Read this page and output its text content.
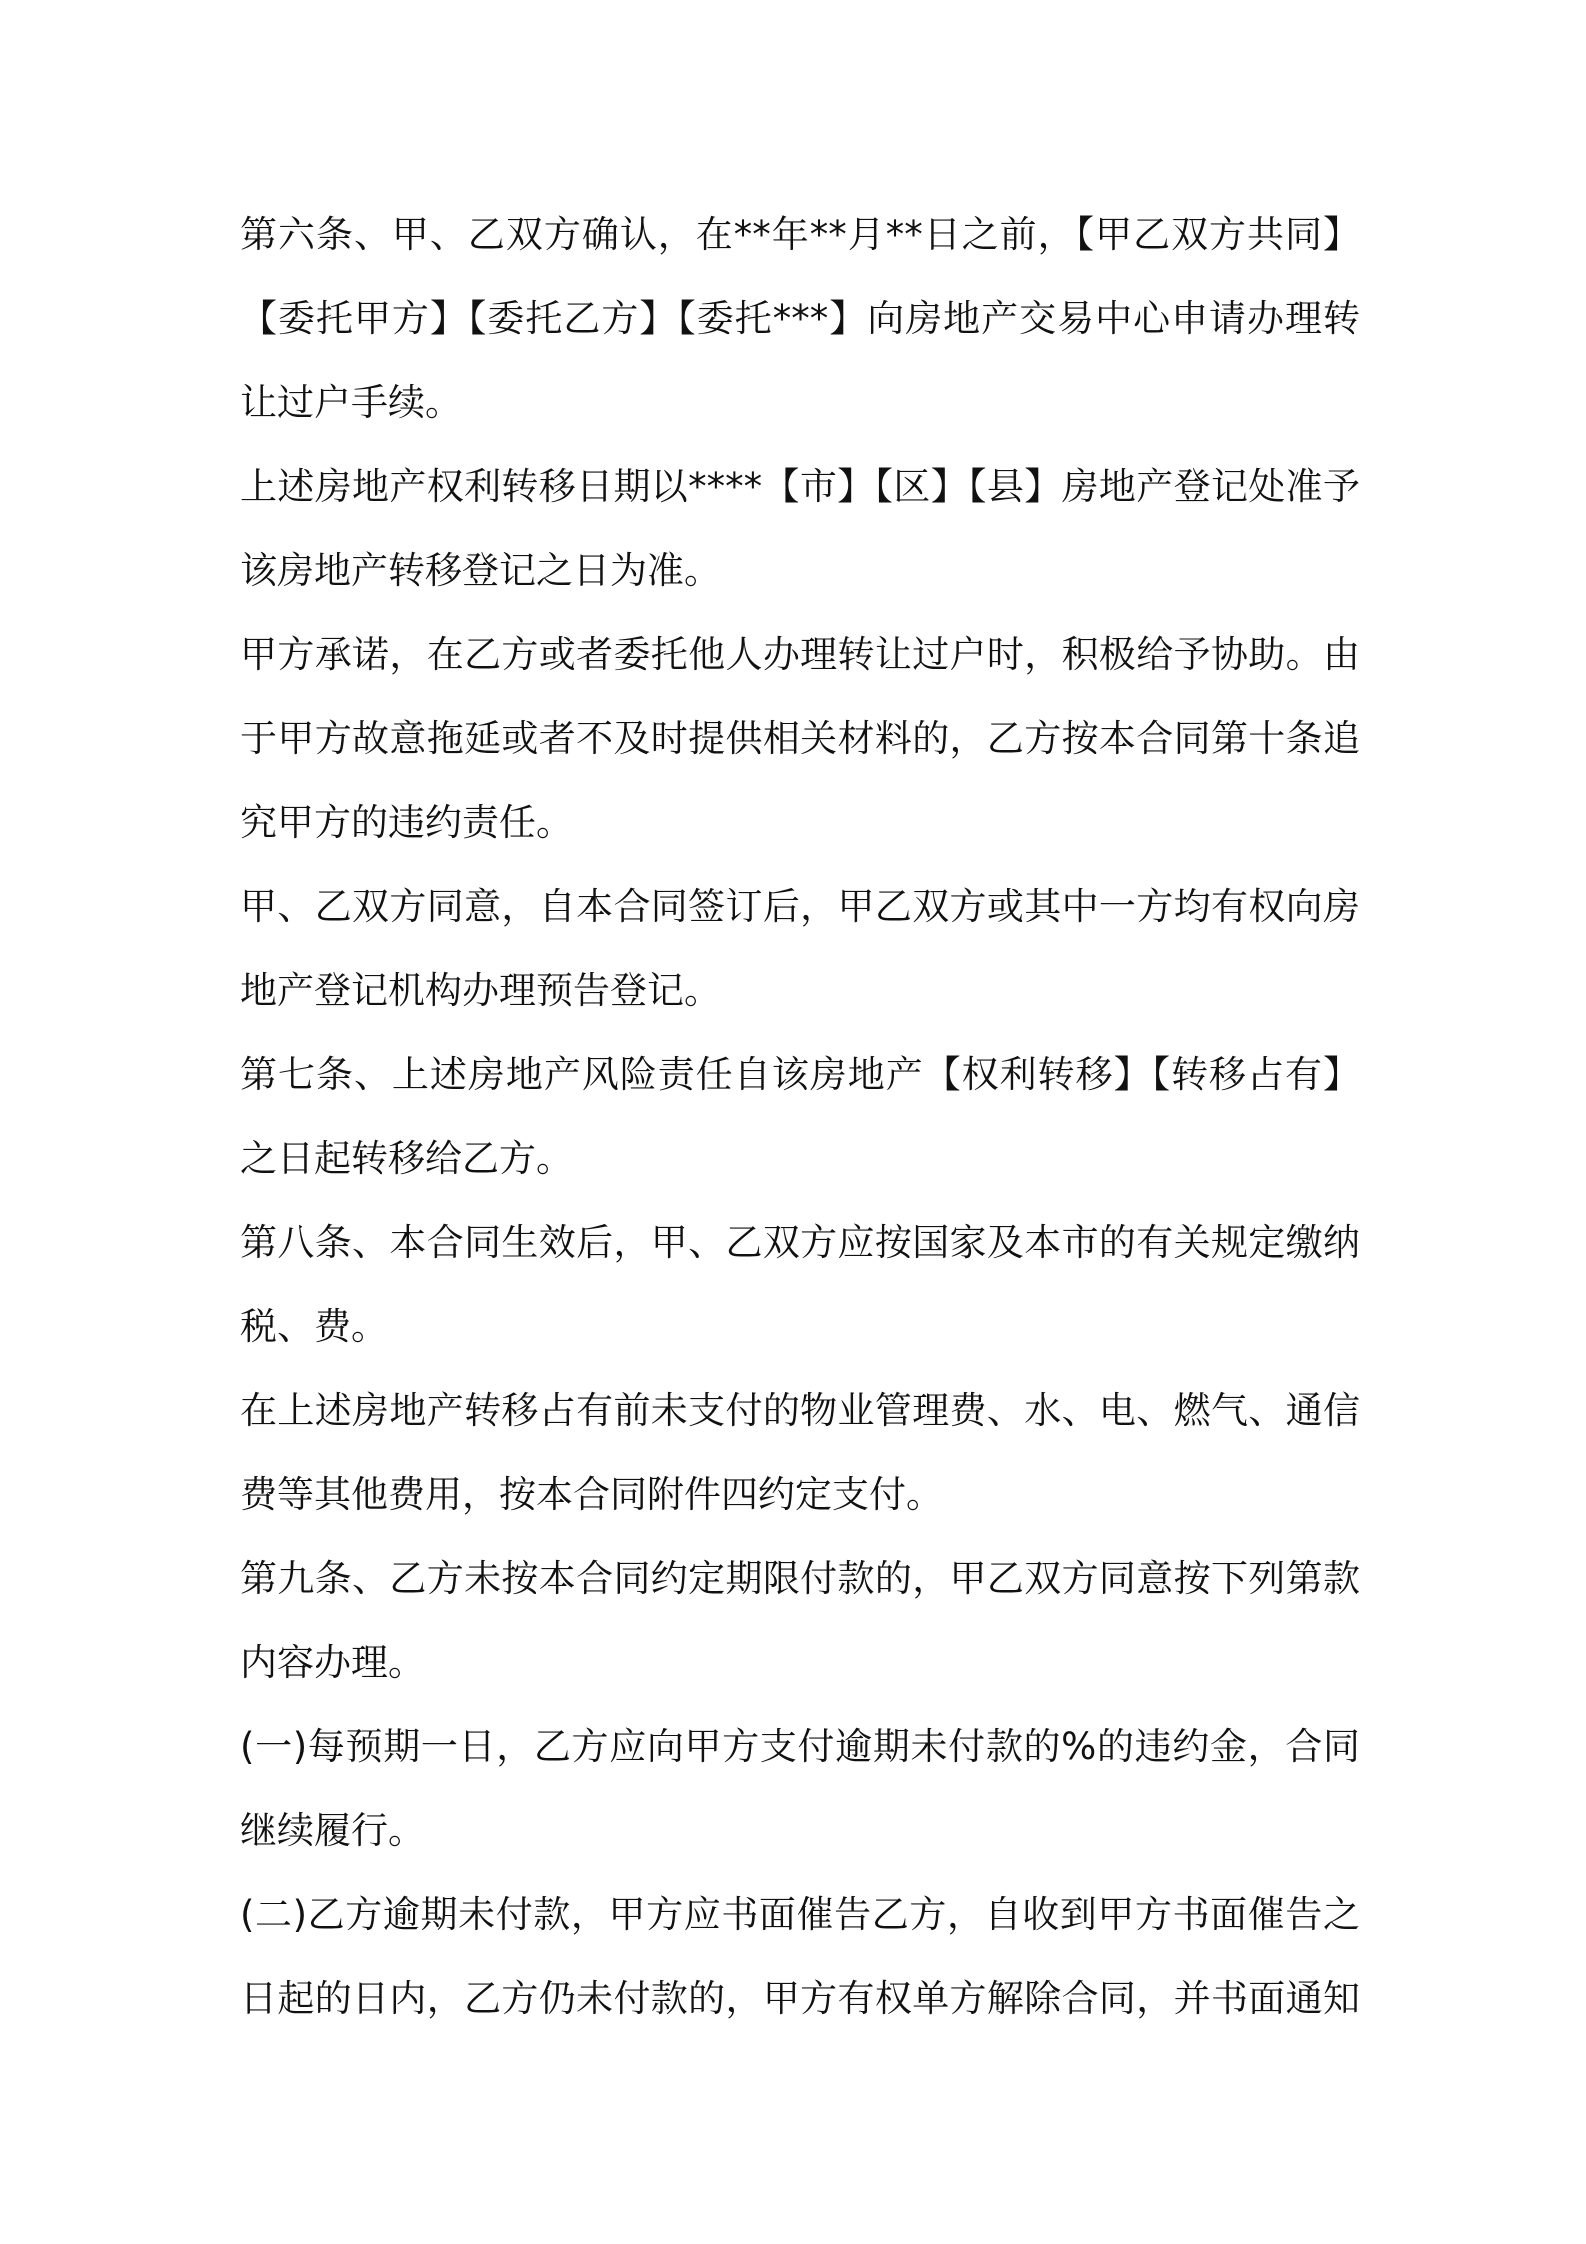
第六条、甲、乙双方确认，在**年**月**日之前，【甲乙双方共同】
【委托甲方】【委托乙方】【委托***】向房地产交易中心申请办理转
让过户手续。
上述房地产权利转移日期以****【市】【区】【县】房地产登记处准予
该房地产转移登记之日为准。
甲方承诺，在乙方或者委托他人办理转让过户时，积极给予协助。由
于甲方故意拖延或者不及时提供相关材料的，乙方按本合同第十条追
究甲方的违约责任。
甲、乙双方同意，自本合同签订后，甲乙双方或其中一方均有权向房
地产登记机构办理预告登记。
第七条、上述房地产风险责任自该房地产【权利转移】【转移占有】
之日起转移给乙方。
第八条、本合同生效后，甲、乙双方应按国家及本市的有关规定缴纳
税、费。
在上述房地产转移占有前未支付的物业管理费、水、电、燃气、通信
费等其他费用，按本合同附件四约定支付。
第九条、乙方未按本合同约定期限付款的，甲乙双方同意按下列第款
内容办理。
(一)每预期一日，乙方应向甲方支付逾期未付款的%的违约金，合同
继续履行。
(二)乙方逾期未付款，甲方应书面催告乙方，自收到甲方书面催告之
日起的日内，乙方仍未付款的，甲方有权单方解除合同，并书面通知
